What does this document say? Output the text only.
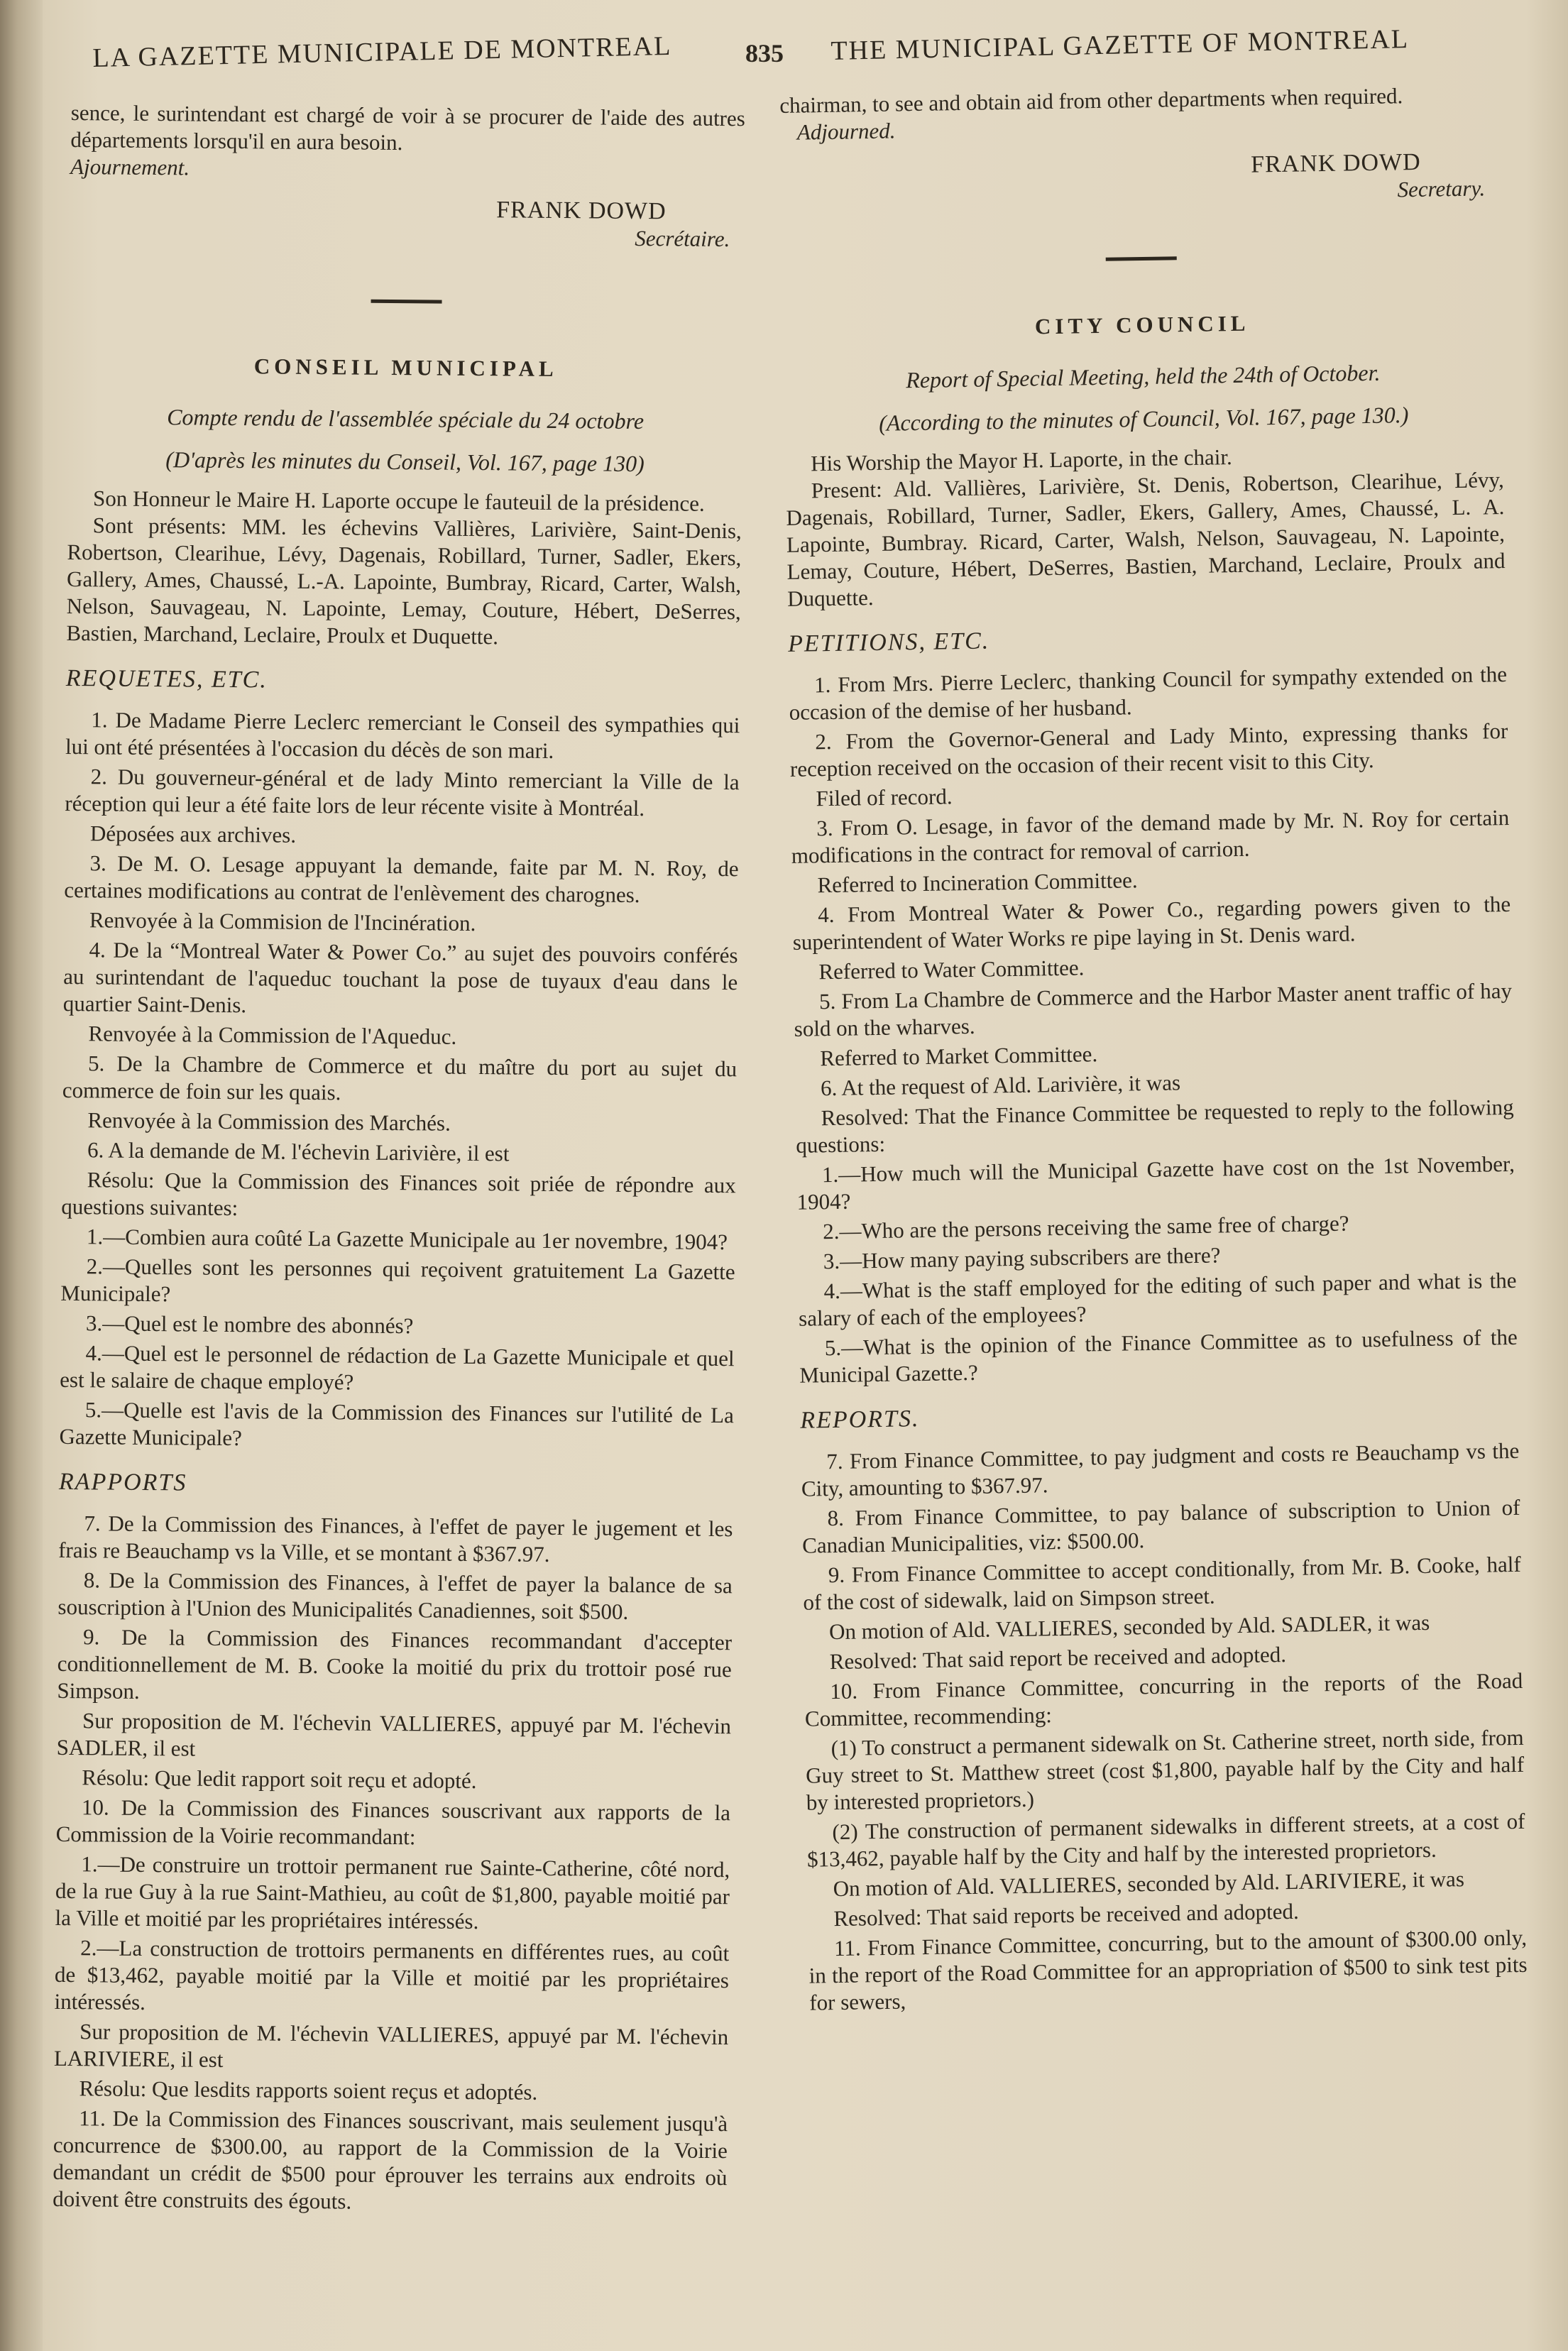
LA GAZETTE MUNICIPALE DE MONTREAL	835 THE MUNICIPAL GAZETTE OF MONTREAL

sence, le surintendant est chargé de voir à se procurer de l'aide des autres départements lorsqu'il en aura besoin.

Ajournement.

FRANK DOWD

Secrétaire.

CONSEIL MUNICIPAL

Compte rendu de l'assemblée spéciale du 24 octobre

(D'après les minutes du Conseil, Vol. 167, page 130)

Son Honneur le Maire H. Laporte occupe le fauteuil de la présidence.

Sont présents: MM. les échevins Vallières, Larivière, Saint-Denis, Robertson, Clearihue, Lévy, Dagenais, Robillard, Turner, Sadler, Ekers, Gallery, Ames, Chaussé, L.-A. Lapointe, Bumbray, Ricard, Carter, Walsh, Nelson, Sauvageau, N. Lapointe, Lemay, Couture, Hébert, DeSerres, Bastien, Marchand, Leclaire, Proulx et Duquette.

REQUETES, ETC.

1. De Madame Pierre Leclerc remerciant le Conseil des sympathies qui lui ont été présentées à l'occasion du décès de son mari.

2. Du gouverneur-général et de lady Minto remerciant la Ville de la réception qui leur a été faite lors de leur récente visite à Montréal.

Déposées aux archives.

3. De M. O. Lesage appuyant la demande, faite par M. N. Roy, de certaines modifications au contrat de l'enlèvement des charognes.

Renvoyée à la Commision de l'Incinération.

4. De la “Montreal Water & Power Co.” au sujet des pouvoirs conférés au surintendant de l'aqueduc touchant la pose de tuyaux d'eau dans le quartier Saint-Denis.

Renvoyée à la Commission de l'Aqueduc.

5. De la Chambre de Commerce et du maître du port au sujet du commerce de foin sur les quais.

Renvoyée à la Commission des Marchés.

6. A la demande de M. l'échevin Larivière, il est

Résolu: Que la Commission des Finances soit priée de répondre aux questions suivantes:

1.—Combien aura coûté La Gazette Municipale au 1er novembre, 1904?

2.—Quelles sont les personnes qui reçoivent gratuitement La Gazette Municipale?

3.—Quel est le nombre des abonnés?

4.—Quel est le personnel de rédaction de La Gazette Municipale et quel est le salaire de chaque employé?

5.—Quelle est l'avis de la Commission des Finances sur l'utilité de La Gazette Municipale?

RAPPORTS

7. De la Commission des Finances, à l'effet de payer le jugement et les frais re Beauchamp vs la Ville, et se montant à $367.97.

8. De la Commission des Finances, à l'effet de payer la balance de sa souscription à l'Union des Municipalités Canadiennes, soit $500.

9. De la Commission des Finances recommandant d'accepter conditionnellement de M. B. Cooke la moitié du prix du trottoir posé rue Simpson.

Sur proposition de M. l'échevin VALLIERES, appuyé par M. l'échevin SADLER, il est

Résolu: Que ledit rapport soit reçu et adopté.

10. De la Commission des Finances souscrivant aux rapports de la Commission de la Voirie recommandant:

1.—De construire un trottoir permanent rue Sainte-Catherine, côté nord, de la rue Guy à la rue Saint-Mathieu, au coût de $1,800, payable moitié par la Ville et moitié par les propriétaires intéressés.

2.—La construction de trottoirs permanents en différentes rues, au coût de $13,462, payable moitié par la Ville et moitié par les propriétaires intéressés.

Sur proposition de M. l'échevin VALLIERES, appuyé par M. l'échevin LARIVIERE, il est

Résolu: Que lesdits rapports soient reçus et adoptés.

11. De la Commission des Finances souscrivant, mais seulement jusqu'à concurrence de $300.00, au rapport de la Commission de la Voirie demandant un crédit de $500 pour éprouver les terrains aux endroits où doivent être construits des égouts.

chairman, to see and obtain aid from other departments when required.

Adjourned.

FRANK DOWD

Secretary.

CITY COUNCIL

Report of Special Meeting, held the 24th of October.

(According to the minutes of Council, Vol. 167, page 130.)

His Worship the Mayor H. Laporte, in the chair.

Present: Ald. Vallières, Larivière, St. Denis, Robertson, Clearihue, Lévy, Dagenais, Robillard, Turner, Sadler, Ekers, Gallery, Ames, Chaussé, L. A. Lapointe, Bumbray. Ricard, Carter, Walsh, Nelson, Sauvageau, N. Lapointe, Lemay, Couture, Hébert, DeSerres, Bastien, Marchand, Leclaire, Proulx and Duquette.

PETITIONS, ETC.

1. From Mrs. Pierre Leclerc, thanking Council for sympathy extended on the occasion of the demise of her husband.

2. From the Governor-General and Lady Minto, expressing thanks for reception received on the occasion of their recent visit to this City.

Filed of record.

3. From O. Lesage, in favor of the demand made by Mr. N. Roy for certain modifications in the contract for removal of carrion.

Referred to Incineration Committee.

4. From Montreal Water & Power Co., regarding powers given to the superintendent of Water Works re pipe laying in St. Denis ward.

Referred to Water Committee.

5. From La Chambre de Commerce and the Harbor Master anent traffic of hay sold on the wharves.

Referred to Market Committee.

6. At the request of Ald. Larivière, it was

Resolved: That the Finance Committee be requested to reply to the following questions:

1.—How much will the Municipal Gazette have cost on the 1st November, 1904?

2.—Who are the persons receiving the same free of charge?

3.—How many paying subscribers are there?

4.—What is the staff employed for the editing of such paper and what is the salary of each of the employees?

5.—What is the opinion of the Finance Committee as to usefulness of the Municipal Gazette.?

REPORTS.

7. From Finance Committee, to pay judgment and costs re Beauchamp vs the City, amounting to $367.97.

8. From Finance Committee, to pay balance of subscription to Union of Canadian Municipalities, viz: $500.00.

9. From Finance Committee to accept conditionally, from Mr. B. Cooke, half of the cost of sidewalk, laid on Simpson street.

On motion of Ald. VALLIERES, seconded by Ald. SADLER, it was

Resolved: That said report be received and adopted.

10. From Finance Committee, concurring in the reports of the Road Committee, recommending:

(1) To construct a permanent sidewalk on St. Catherine street, north side, from Guy street to St. Matthew street (cost $1,800, payable half by the City and half by interested proprietors.)

(2) The construction of permanent sidewalks in different streets, at a cost of $13,462, payable half by the City and half by the interested proprietors.

On motion of Ald. VALLIERES, seconded by Ald. LARIVIERE, it was

Resolved: That said reports be received and adopted.

11. From Finance Committee, concurring, but to the amount of $300.00 only, in the report of the Road Committee for an appropriation of $500 to sink test pits for sewers,
